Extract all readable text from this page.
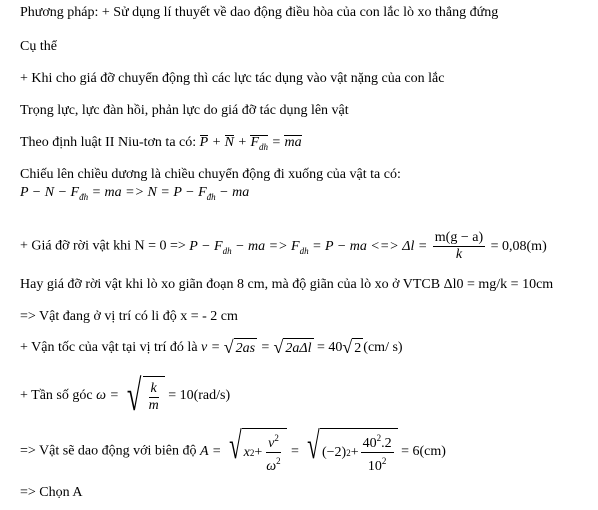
Phương pháp: + Sử dụng lí thuyết về dao động điều hòa của con lắc lò xo thẳng đứng
Cụ thể
+ Khi cho giá đỡ chuyển động thì các lực tác dụng vào vật nặng của con lắc
Trọng lực, lực đàn hồi, phản lực do giá đỡ tác dụng lên vật
Theo định luật II Niu-tơn ta có: $P + N + F_{dh}$ = ma
Chiếu lên chiều dương là chiều chuyển động đi xuống của vật ta có:
$P - N - F_{đh}$ = ma => $N = P - F_{đh}$ − ma
+ Giá đỡ rời vật khi $N = 0 => P - F_{dh}$ − ma => $F_{dh} = P$ − ma <=> $\Delta l = \frac{m(g - a)}{k} = 0,08(m)$
Hay giá đỡ rời vật khi lò xo giãn đoạn 8 cm, mà độ giãn của lò xo ở VTCB Δl0 = mg/k = 10cm
=> Vật đang ở vị trí có li độ x = - 2 cm
+ Vận tốc của vật tại vị trí đó là v = √ 2as = √ 2aΔl = 40 √ 2 (cm/ s)
+ Tần số góc ω = √ $\frac{k}{m} = 10(rad/s)$
=> Vật sẽ dao động với biên độ A = √ x $2 + \frac{v^2}{\omega^2}$ = √ (−2) $2 + \frac{40^2.2}{10^2} = 6(cm)$
=> Chọn A
